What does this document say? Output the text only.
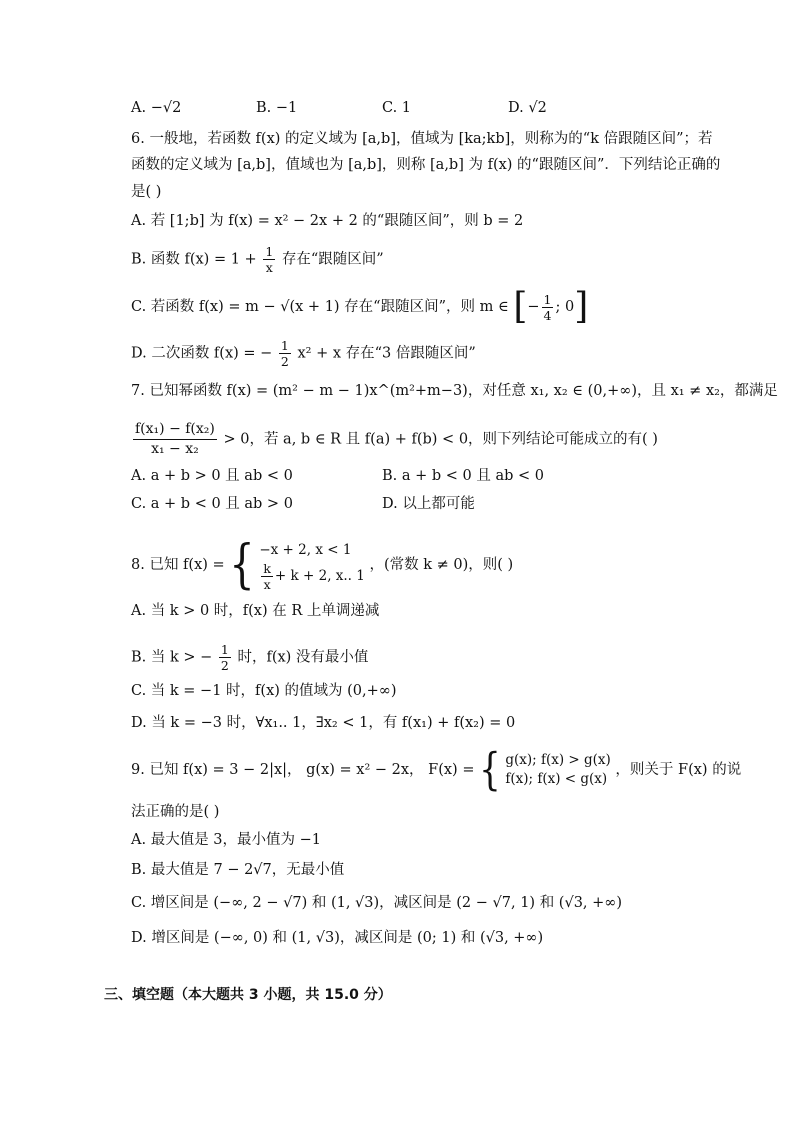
A. −√2	B. −1	C. 1	D. √2
6. 一般地，若函数 f(x) 的定义域为 [a,b]，值域为 [ka;kb]，则称为的“k 倍跟随区间”；若
函数的定义域为 [a,b]，值域也为 [a,b]，则称 [a,b] 为 f(x) 的“跟随区间”．下列结论正确的
是( )
A. 若 [1;b] 为 f(x) = x² − 2x + 2 的“跟随区间”，则 b = 2
B. 函数 $f(x) = 1 + \frac{1}{x}$ 存在“跟随区间”
C. 若函数 f(x) = m − √(x + 1) 存在“跟随区间”，则 m ∈ [− $\frac{1}{4}$ ; 0]
D. 二次函数 f(x) = − $\frac{1}{2} x^2 + x$ 存在“3 倍跟随区间”
7. 已知幂函数 f(x) = (m² − m − 1)x^(m²+m−3)，对任意 x₁, x₂ ∈ (0,+∞)，且 x₁ ≠ x₂，都满足
$\frac{\text{f(x₁) − f(x₂)}}{\text{x₁ − x₂}} > 0$，若 a, b ∈ R 且 f(a) + f(b) < 0，则下列结论可能成立的有( )
A. a + b > 0 且 ab < 0	B. a + b < 0 且 ab < 0
C. a + b < 0 且 ab > 0	D. 以上都可能
8. 已知 f(x) = { −x + 2, x < 1
$\frac{k}{x} + k + 2$, x.. 1
，(常数 k ≠ 0)，则( )
A. 当 k > 0 时，f(x) 在 R 上单调递减
B. 当 k > − $\frac{1}{2}$ 时，f(x) 没有最小值
C. 当 k = −1 时，f(x) 的值域为 (0,+∞)
D. 当 k = −3 时，∀x₁.. 1，∃x₂ < 1，有 f(x₁) + f(x₂) = 0
9. 已知 f(x) = 3 − 2|x|， g(x) = x² − 2x， F(x) = { g(x); f(x) > g(x)
f(x); f(x) < g(x)
，则关于 F(x) 的说
法正确的是( )
A. 最大值是 3，最小值为 −1
B. 最大值是 7 − 2√7，无最小值
C. 增区间是 (−∞, 2 − √7) 和 (1, √3)，减区间是 (2 − √7, 1) 和 (√3, +∞)
D. 增区间是 (−∞, 0) 和 (1, √3)，减区间是 (0; 1) 和 (√3, +∞)
三、填空题（本大题共 3 小题，共 15.0 分）
